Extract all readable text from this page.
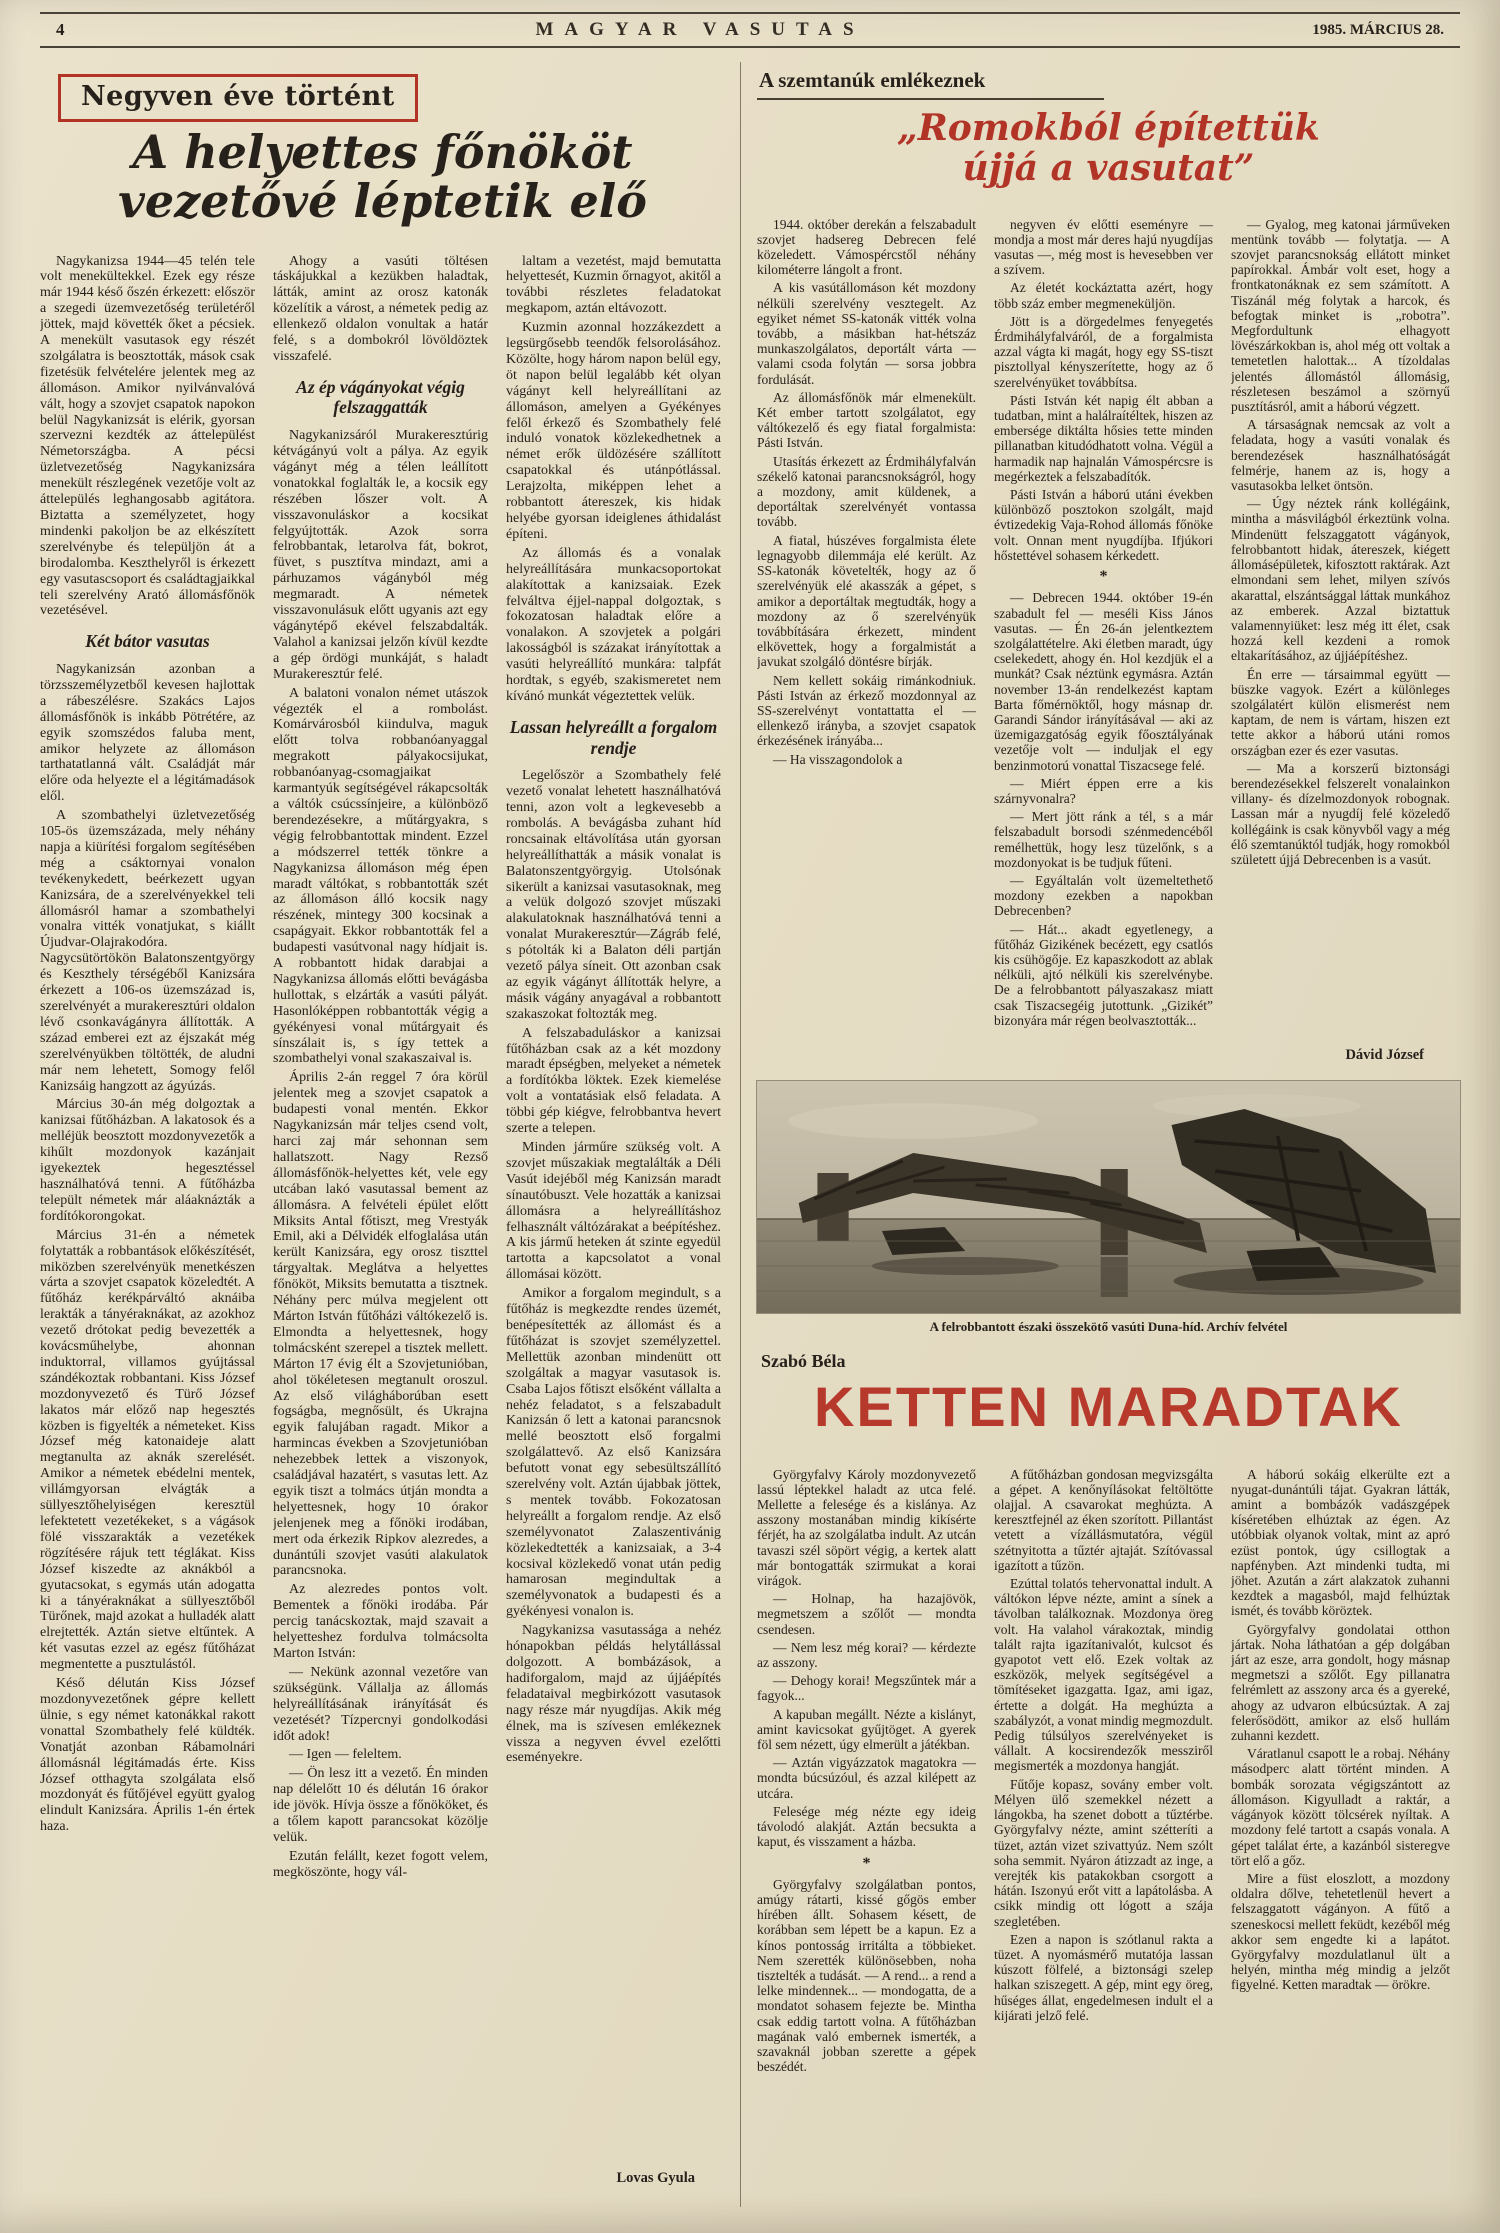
4	MAGYAR VASUTAS	1985. MÁRCIUS 28.
Negyven éve történt
A helyettes főnököt
vezetővé léptetik elő

Nagykanizsa 1944—45 telén tele volt menekültekkel. Ezek egy része már 1944 késő őszén érkezett: először a szegedi üzemvezetőség területéről jöttek, majd követték őket a pécsiek. A menekült vasutasok egy részét szolgálatra is beosztották, mások csak fizetésük felvételére jelentek meg az állomáson. Amikor nyilvánvalóvá vált, hogy a szovjet csapatok napokon belül Nagykanizsát is elérik, gyorsan szervezni kezdték az áttelepülést Németországba. A pécsi üzletvezetőség Nagykanizsára menekült részlegének vezetője volt az áttelepülés leghangosabb agitátora. Biztatta a személyzetet, hogy mindenki pakoljon be az elkészített szerelvénybe és települjön át a birodalomba. Keszthelyről is érkezett egy vasutascsoport és családtagjaikkal teli szerelvény Arató állomásfőnök vezetésével.

Két bátor vasutas

Nagykanizsán azonban a törzsszemélyzetből kevesen hajlottak a rábeszélésre. Szakács Lajos állomásfőnök is inkább Pötrétére, az egyik szomszédos faluba ment, amikor helyzete az állomáson tarthatatlanná vált. Családját már előre oda helyezte el a légitámadások elől.

A szombathelyi üzletvezetőség 105-ös üzemszázada, mely néhány napja a kiürítési forgalom segítésében még a csáktornyai vonalon tevékenykedett, beérkezett ugyan Kanizsára, de a szerelvényekkel teli állomásról hamar a szombathelyi vonalra vitték vonatjukat, s kiállt Újudvar-Olajrakodóra. Nagycsütörtökön Balatonszentgyörgy és Keszthely térségéből Kanizsára érkezett a 106-os üzemszázad is, szerelvényét a murakeresztúri oldalon lévő csonkavágányra állították. A század emberei ezt az éjszakát még szerelvényükben töltötték, de aludni már nem lehetett, Somogy felől Kanizsáig hangzott az ágyúzás.

Március 30-án még dolgoztak a kanizsai fűtőházban. A lakatosok és a melléjük beosztott mozdonyvezetők a kihűlt mozdonyok kazánjait igyekeztek hegesztéssel használhatóvá tenni. A fűtőházba települt németek már aláaknázták a fordítókorongokat.

Március 31-én a németek folytatták a robbantások előkészítését, miközben szerelvényük menetkészen várta a szovjet csapatok közeledtét. A fűtőház kerékpárváltó aknáiba lerakták a tányéraknákat, az azokhoz vezető drótokat pedig bevezették a kovácsműhelybe, ahonnan induktorral, villamos gyújtással szándékoztak robbantani. Kiss József mozdonyvezető és Türő József lakatos már előző nap hegesztés közben is figyelték a németeket. Kiss József még katonaideje alatt megtanulta az aknák szerelését. Amikor a németek ebédelni mentek, villámgyorsan elvágták a süllyesztőhelyiségen keresztül lefektetett vezetékeket, s a vágások fölé visszarakták a vezetékek rögzítésére rájuk tett téglákat. Kiss József kiszedte az aknákból a gyutacsokat, s egymás után adogatta ki a tányéraknákat a süllyesztőből Türőnek, majd azokat a hulladék alatt elrejtették. Aztán sietve eltűntek. A két vasutas ezzel az egész fűtőházat megmentette a pusztulástól.

Késő délután Kiss József mozdonyvezetőnek gépre kellett ülnie, s egy német katonákkal rakott vonattal Szombathely felé küldték. Vonatját azonban Rábamolnári állomásnál légitámadás érte. Kiss József otthagyta szolgálata első mozdonyát és fűtőjével együtt gyalog elindult Kanizsára. Április 1-én értek haza.

Ahogy a vasúti töltésen táskájukkal a kezükben haladtak, látták, amint az orosz katonák közelítik a várost, a németek pedig az ellenkező oldalon vonultak a határ felé, s a dombokról lövöldöztek visszafelé.

Az ép vágányokat végig felszaggatták

Nagykanizsáról Murakeresztúrig kétvágányú volt a pálya. Az egyik vágányt még a télen leállított vonatokkal foglalták le, a kocsik egy részében lőszer volt. A visszavonuláskor a kocsikat felgyújtották. Azok sorra felrobbantak, letarolva fát, bokrot, füvet, s pusztítva mindazt, ami a párhuzamos vágányból még megmaradt. A németek visszavonulásuk előtt ugyanis azt egy vágánytépő ekével felszabdalták. Valahol a kanizsai jelzőn kívül kezdte a gép ördögi munkáját, s haladt Murakeresztúr felé.

A balatoni vonalon német utászok végezték el a rombolást. Komárvárosból kiindulva, maguk előtt tolva robbanóanyaggal megrakott pályakocsijukat, robbanóanyag-csomagjaikat karmantyúk segítségével rákapcsolták a váltók csúcssínjeire, a különböző berendezésekre, a műtárgyakra, s végig felrobbantottak mindent. Ezzel a módszerrel tették tönkre a Nagykanizsa állomáson még épen maradt váltókat, s robbantották szét az állomáson álló kocsik nagy részének, mintegy 300 kocsinak a csapágyait. Ekkor robbantották fel a budapesti vasútvonal nagy hídjait is. A robbantott hidak darabjai a Nagykanizsa állomás előtti bevágásba hullottak, s elzárták a vasúti pályát. Hasonlóképpen robbantották végig a gyékényesi vonal műtárgyait és sínszálait is, s így tettek a szombathelyi vonal szakaszaival is.

Április 2-án reggel 7 óra körül jelentek meg a szovjet csapatok a budapesti vonal mentén. Ekkor Nagykanizsán már teljes csend volt, harci zaj már sehonnan sem hallatszott. Nagy Rezső állomásfőnök-helyettes két, vele egy utcában lakó vasutassal bement az állomásra. A felvételi épület előtt Miksits Antal főtiszt, meg Vrestyák Emil, aki a Délvidék elfoglalása után került Kanizsára, egy orosz tiszttel tárgyaltak. Meglátva a helyettes főnököt, Miksits bemutatta a tisztnek. Néhány perc múlva megjelent ott Márton István fűtőházi váltókezelő is. Elmondta a helyettesnek, hogy tolmácsként szerepel a tisztek mellett. Márton 17 évig élt a Szovjetunióban, ahol tökéletesen megtanult oroszul. Az első világháborúban esett fogságba, megnősült, és Ukrajna egyik falujában ragadt. Mikor a harmincas években a Szovjetunióban nehezebbek lettek a viszonyok, családjával hazatért, s vasutas lett. Az egyik tiszt a tolmács útján mondta a helyettesnek, hogy 10 órakor jelenjenek meg a főnöki irodában, mert oda érkezik Ripkov alezredes, a dunántúli szovjet vasúti alakulatok parancsnoka.

Az alezredes pontos volt. Bementek a főnöki irodába. Pár percig tanácskoztak, majd szavait a helyetteshez fordulva tolmácsolta Marton István:

— Nekünk azonnal vezetőre van szükségünk. Vállalja az állomás helyreállításának irányítását és vezetését? Tízpercnyi gondolkodási időt adok!

— Igen — feleltem.

— Ön lesz itt a vezető. Én minden nap délelőtt 10 és délután 16 órakor ide jövök. Hívja össze a főnököket, és a tőlem kapott parancsokat közölje velük.

Ezután felállt, kezet fogott velem, megköszönte, hogy vál-

laltam a vezetést, majd bemutatta helyettesét, Kuzmin őrnagyot, akitől a további részletes feladatokat megkapom, aztán eltávozott.

Kuzmin azonnal hozzákezdett a legsürgősebb teendők felsorolásához. Közölte, hogy három napon belül egy, öt napon belül legalább két olyan vágányt kell helyreállítani az állomáson, amelyen a Gyékényes felől érkező és Szombathely felé induló vonatok közlekedhetnek a német erők üldözésére szállított csapatokkal és utánpótlással. Lerajzolta, miképpen lehet a robbantott átereszek, kis hidak helyébe gyorsan ideiglenes áthidalást építeni.

Az állomás és a vonalak helyreállítására munkacsoportokat alakítottak a kanizsaiak. Ezek felváltva éjjel-nappal dolgoztak, s fokozatosan haladtak előre a vonalakon. A szovjetek a polgári lakosságból is százakat irányítottak a vasúti helyreállító munkára: talpfát hordtak, s egyéb, szakismeretet nem kívánó munkát végeztettek velük.

Lassan helyreállt a forgalom rendje

Legelőször a Szombathely felé vezető vonalat lehetett használhatóvá tenni, azon volt a legkevesebb a rombolás. A bevágásba zuhant híd roncsainak eltávolítása után gyorsan helyreállíthatták a másik vonalat is Balatonszentgyörgyig. Utolsónak sikerült a kanizsai vasutasoknak, meg a velük dolgozó szovjet műszaki alakulatoknak használhatóvá tenni a vonalat Murakeresztúr—Zágráb felé, s pótolták ki a Balaton déli partján vezető pálya síneit. Ott azonban csak az egyik vágányt állították helyre, a másik vágány anyagával a robbantott szakaszokat foltozták meg.

A felszabaduláskor a kanizsai fűtőházban csak az a két mozdony maradt épségben, melyeket a németek a fordítókba löktek. Ezek kiemelése volt a vontatásiak első feladata. A többi gép kiégve, felrobbantva hevert szerte a telepen.

Minden járműre szükség volt. A szovjet műszakiak megtalálták a Déli Vasút idejéből még Kanizsán maradt sínautóbuszt. Vele hozatták a kanizsai állomásra a helyreállításhoz felhasznált váltózárakat a beépítéshez. A kis jármű heteken át szinte egyedül tartotta a kapcsolatot a vonal állomásai között.

Amikor a forgalom megindult, s a fűtőház is megkezdte rendes üzemét, benépesítették az állomást és a fűtőházat is szovjet személyzettel. Mellettük azonban mindenütt ott szolgáltak a magyar vasutasok is. Csaba Lajos főtiszt elsőként vállalta a nehéz feladatot, s a felszabadult Kanizsán ő lett a katonai parancsnok mellé beosztott első forgalmi szolgálattevő. Az első Kanizsára befutott vonat egy sebesültszállító szerelvény volt. Aztán újabbak jöttek, s mentek tovább. Fokozatosan helyreállt a forgalom rendje. Az első személyvonatot Zalaszentivánig közlekedtették a kanizsaiak, a 3-4 kocsival közlekedő vonat után pedig hamarosan megindultak a személyvonatok a budapesti és a gyékényesi vonalon is.

Nagykanizsa vasutassága a nehéz hónapokban példás helytállással dolgozott. A bombázások, a hadiforgalom, majd az újjáépítés feladataival megbirkózott vasutasok nagy része már nyugdíjas. Akik még élnek, ma is szívesen emlékeznek vissza a negyven évvel ezelőtti eseményekre.

Lovas Gyula

A szemtanúk emlékeznek
„Romokból építettük
újjá a vasutat”

1944. október derekán a felszabadult szovjet hadsereg Debrecen felé közeledett. Vámospércstől néhány kilométerre lángolt a front.

A kis vasútállomáson két mozdony nélküli szerelvény vesztegelt. Az egyiket német SS-katonák vitték volna tovább, a másikban hat-hétszáz munkaszolgálatos, deportált várta — valami csoda folytán — sorsa jobbra fordulását.

Az állomásfőnök már elmenekült. Két ember tartott szolgálatot, egy váltókezelő és egy fiatal forgalmista: Pásti István.

Utasítás érkezett az Érdmihályfalván székelő katonai parancsnokságról, hogy a mozdony, amit küldenek, a deportáltak szerelvényét vontassa tovább.

A fiatal, húszéves forgalmista élete legnagyobb dilemmája elé került. Az SS-katonák követelték, hogy az ő szerelvényük elé akasszák a gépet, s amikor a deportáltak megtudták, hogy a mozdony az ő szerelvényük továbbítására érkezett, mindent elkövettek, hogy a forgalmistát a javukat szolgáló döntésre bírják.

Nem kellett sokáig rimánkodniuk. Pásti István az érkező mozdonnyal az SS-szerelvényt vontattatta el — ellenkező irányba, a szovjet csapatok érkezésének irányába...

— Ha visszagondolok a

negyven év előtti eseményre — mondja a most már deres hajú nyugdíjas vasutas —, még most is hevesebben ver a szívem.

Az életét kockáztatta azért, hogy több száz ember megmeneküljön.

Jött is a dörgedelmes fenyegetés Érdmihályfalváról, de a forgalmista azzal vágta ki magát, hogy egy SS-tiszt pisztollyal kényszerítette, hogy az ő szerelvényüket továbbítsa.

Pásti István két napig élt abban a tudatban, mint a halálraítéltek, hiszen az embersége diktálta hősies tette minden pillanatban kitudódhatott volna. Végül a harmadik nap hajnalán Vámospércsre is megérkeztek a felszabadítók.

Pásti István a háború utáni években különböző posztokon szolgált, majd évtizedekig Vaja-Rohod állomás főnöke volt. Onnan ment nyugdíjba. Ifjúkori hőstettével sohasem kérkedett.

*

— Debrecen 1944. október 19-én szabadult fel — meséli Kiss János vasutas. — Én 26-án jelentkeztem szolgálattételre. Aki életben maradt, úgy cselekedett, ahogy én. Hol kezdjük el a munkát? Csak néztünk egymásra. Aztán november 13-án rendelkezést kaptam Barta főmérnöktől, hogy másnap dr. Garandi Sándor irányításával — aki az üzemigazgatóság egyik főosztályának vezetője volt — induljak el egy benzinmotorú vonattal Tiszacsege felé.

— Miért éppen erre a kis szárnyvonalra?

— Mert jött ránk a tél, s a már felszabadult borsodi szénmedencéből remélhettük, hogy lesz tüzelőnk, s a mozdonyokat is be tudjuk fűteni.

— Egyáltalán volt üzemeltethető mozdony ezekben a napokban Debrecenben?

— Hát... akadt egyetlenegy, a fűtőház Gizikének becézett, egy csatlós kis csühögője. Ez kapaszkodott az ablak nélküli, ajtó nélküli kis szerelvénybe. De a felrobbantott pályaszakasz miatt csak Tiszacsegéig jutottunk. „Gizikét” bizonyára már régen beolvasztották...

— Gyalog, meg katonai járműveken mentünk tovább — folytatja. — A szovjet parancsnokság ellátott minket papírokkal. Ámbár volt eset, hogy a frontkatonáknak ez sem számított. A Tiszánál még folytak a harcok, és befogtak minket is „robotra”. Megfordultunk elhagyott lövészárkokban is, ahol még ott voltak a temetetlen halottak... A tízoldalas jelentés állomástól állomásig, részletesen beszámol a szörnyű pusztításról, amit a háború végzett.

A társaságnak nemcsak az volt a feladata, hogy a vasúti vonalak és berendezések használhatóságát felmérje, hanem az is, hogy a vasutasokba lelket öntsön.

— Úgy néztek ránk kollégáink, mintha a másvilágból érkeztünk volna. Mindenütt felszaggatott vágányok, felrobbantott hidak, átereszek, kiégett állomásépületek, kifosztott raktárak. Azt elmondani sem lehet, milyen szívós akarattal, elszántsággal láttak munkához az emberek. Azzal biztattuk valamennyiüket: lesz még itt élet, csak hozzá kell kezdeni a romok eltakarításához, az újjáépítéshez.

Én erre — társaimmal együtt — büszke vagyok. Ezért a különleges szolgálatért külön elismerést nem kaptam, de nem is vártam, hiszen ezt tette akkor a háború utáni romos országban ezer és ezer vasutas.

— Ma a korszerű biztonsági berendezésekkel felszerelt vonalainkon villany- és dízelmozdonyok robognak. Lassan már a nyugdíj felé közeledő kollégáink is csak könyvből vagy a még élő szemtanúktól tudják, hogy romokból született újjá Debrecenben is a vasút.

Dávid József

A felrobbantott északi összekötő vasúti Duna-híd. Archív felvétel
Szabó Béla
KETTEN MARADTAK

Györgyfalvy Károly mozdonyvezető lassú léptekkel haladt az utca felé. Mellette a felesége és a kislánya. Az asszony mostanában mindig kikísérte férjét, ha az szolgálatba indult. Az utcán tavaszi szél söpört végig, a kertek alatt már bontogatták szirmukat a korai virágok.

— Holnap, ha hazajövök, megmetszem a szőlőt — mondta csendesen.

— Nem lesz még korai? — kérdezte az asszony.

— Dehogy korai! Megszűntek már a fagyok...

A kapuban megállt. Nézte a kislányt, amint kavicsokat gyűjtöget. A gyerek föl sem nézett, úgy elmerült a játékban.

— Aztán vigyázzatok magatokra — mondta búcsúzóul, és azzal kilépett az utcára.

Felesége még nézte egy ideig távolodó alakját. Aztán becsukta a kaput, és visszament a házba.

*

Györgyfalvy szolgálatban pontos, amúgy rátarti, kissé gőgös ember hírében állt. Sohasem késett, de korábban sem lépett be a kapun. Ez a kínos pontosság irritálta a többieket. Nem szerették különösebben, noha tisztelték a tudását. — A rend... a rend a lelke mindennek... — mondogatta, de a mondatot sohasem fejezte be. Mintha csak eddig tartott volna. A fűtőházban magának való embernek ismerték, a szavaknál jobban szerette a gépek beszédét.

A fűtőházban gondosan megvizsgálta a gépet. A kenőnyílásokat feltöltötte olajjal. A csavarokat meghúzta. A keresztfejnél az éken szorított. Pillantást vetett a vízállásmutatóra, végül szétnyitotta a tűztér ajtaját. Szítóvassal igazított a tűzön.

Ezúttal tolatós tehervonattal indult. A váltókon lépve nézte, amint a sínek a távolban találkoznak. Mozdonya öreg volt. Ha valahol várakoztak, mindig talált rajta igazítanivalót, kulcsot és gyapotot vett elő. Ezek voltak az eszközök, melyek segítségével a tömítéseket igazgatta. Igaz, ami igaz, értette a dolgát. Ha meghúzta a szabályzót, a vonat mindig megmozdult. Pedig túlsúlyos szerelvényeket is vállalt. A kocsirendezők messziről megismerték a mozdonya hangját.

Fűtője kopasz, sovány ember volt. Mélyen ülő szemekkel nézett a lángokba, ha szenet dobott a tűztérbe. Györgyfalvy nézte, amint szétteríti a tüzet, aztán vizet szivattyúz. Nem szólt soha semmit. Nyáron átizzadt az inge, a verejték kis patakokban csorgott a hátán. Iszonyú erőt vitt a lapátolásba. A csikk mindig ott lógott a szája szegletében.

Ezen a napon is szótlanul rakta a tüzet. A nyomásmérő mutatója lassan kúszott fölfelé, a biztonsági szelep halkan sziszegett. A gép, mint egy öreg, hűséges állat, engedelmesen indult el a kijárati jelző felé.

A háború sokáig elkerülte ezt a nyugat-dunántúli tájat. Gyakran látták, amint a bombázók vadászgépek kíséretében elhúztak az égen. Az utóbbiak olyanok voltak, mint az apró ezüst pontok, úgy csillogtak a napfényben. Azt mindenki tudta, mi jöhet. Azután a zárt alakzatok zuhanni kezdtek a magasból, majd felhúztak ismét, és tovább köröztek.

Györgyfalvy gondolatai otthon jártak. Noha láthatóan a gép dolgában járt az esze, arra gondolt, hogy másnap megmetszi a szőlőt. Egy pillanatra felrémlett az asszony arca és a gyereké, ahogy az udvaron elbúcsúztak. A zaj felerősödött, amikor az első hullám zuhanni kezdett.

Váratlanul csapott le a robaj. Néhány másodperc alatt történt minden. A bombák sorozata végigszántott az állomáson. Kigyulladt a raktár, a vágányok között tölcsérek nyíltak. A mozdony felé tartott a csapás vonala. A gépet találat érte, a kazánból sisteregve tört elő a gőz.

Mire a füst eloszlott, a mozdony oldalra dőlve, tehetetlenül hevert a felszaggatott vágányon. A fűtő a szeneskocsi mellett feküdt, kezéből még akkor sem engedte ki a lapátot. Györgyfalvy mozdulatlanul ült a helyén, mintha még mindig a jelzőt figyelné. Ketten maradtak — örökre.
